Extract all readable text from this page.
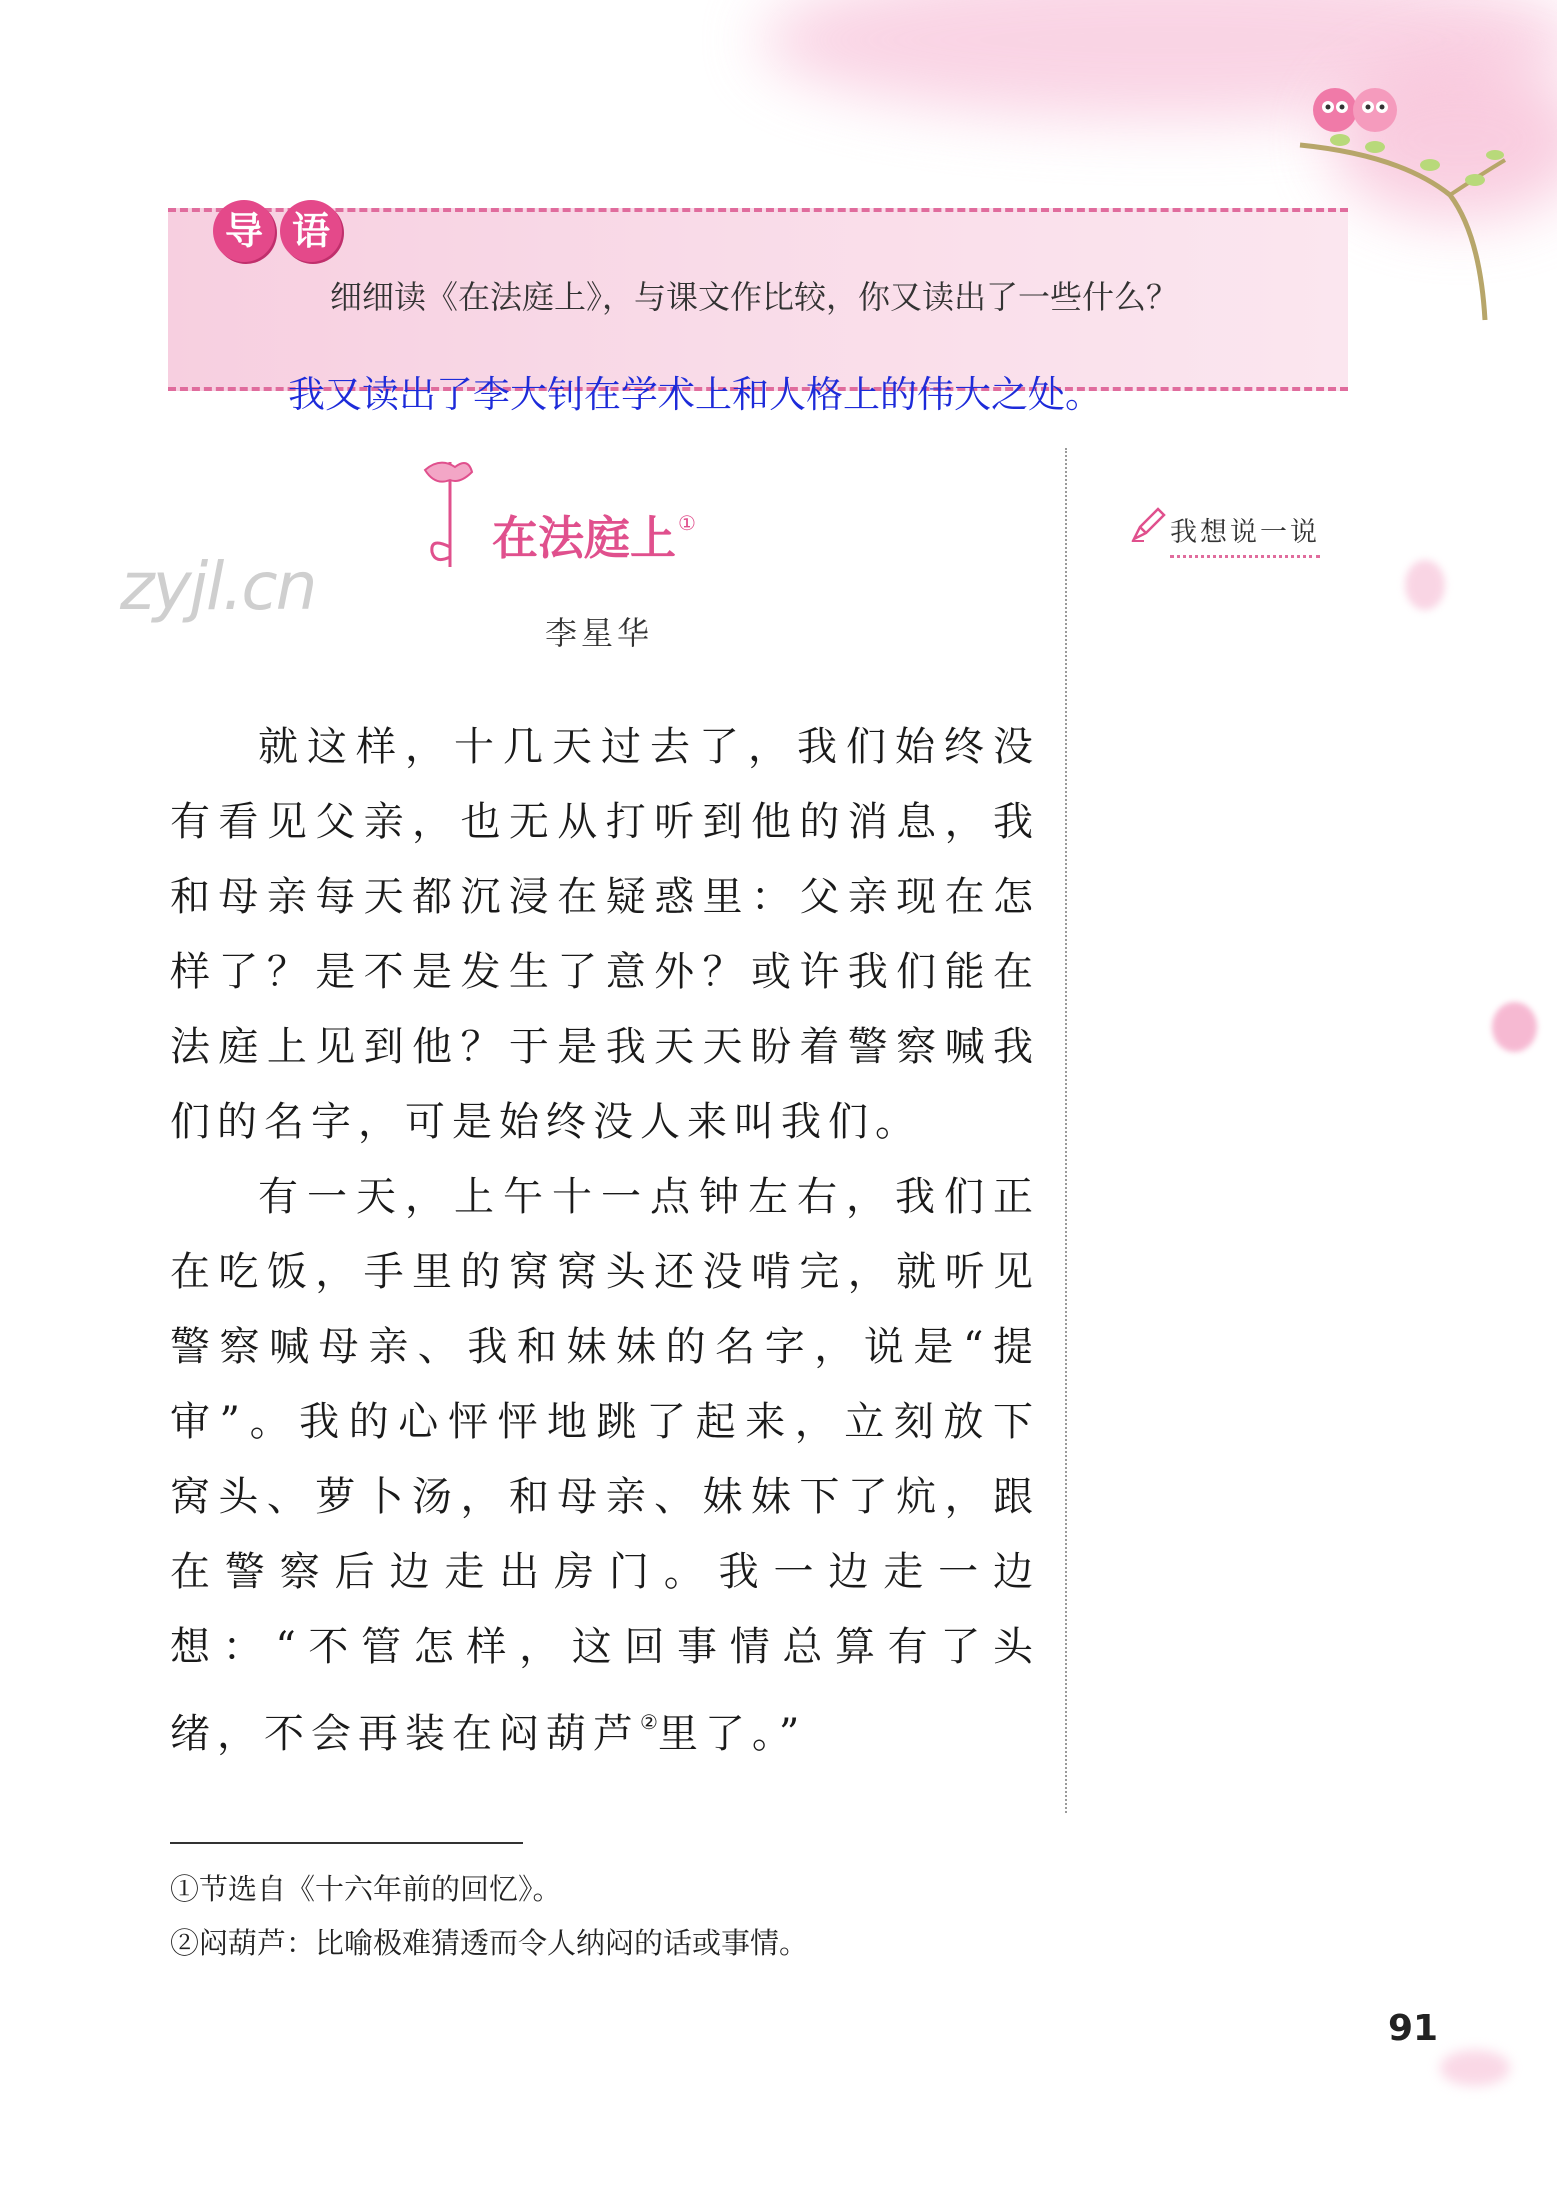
导 语
细细读《在法庭上》，与课文作比较，你又读出了一些什么？
我又读出了李大钊在学术上和人格上的伟大之处。
zyjl.cn
在法庭上 ①
李星华

就这样，十几天过去了，我们始终没有看见父亲，也无从打听到他的消息，我和母亲每天都沉浸在疑惑里：父亲现在怎样了？是不是发生了意外？或许我们能在法庭上见到他？于是我天天盼着警察喊我们的名字，可是始终没人来叫我们。

有一天，上午十一点钟左右，我们正在吃饭，手里的窝窝头还没啃完，就听见警察喊母亲、我和妹妹的名字，说是“提审”。我的心怦怦地跳了起来，立刻放下窝头、萝卜汤，和母亲、妹妹下了炕，跟在警察后边走出房门。我一边走一边想：“不管怎样，这回事情总算有了头绪，不会再装在闷葫芦②里了。”

我想说一说
①节选自《十六年前的回忆》。
②闷葫芦：比喻极难猜透而令人纳闷的话或事情。
91
